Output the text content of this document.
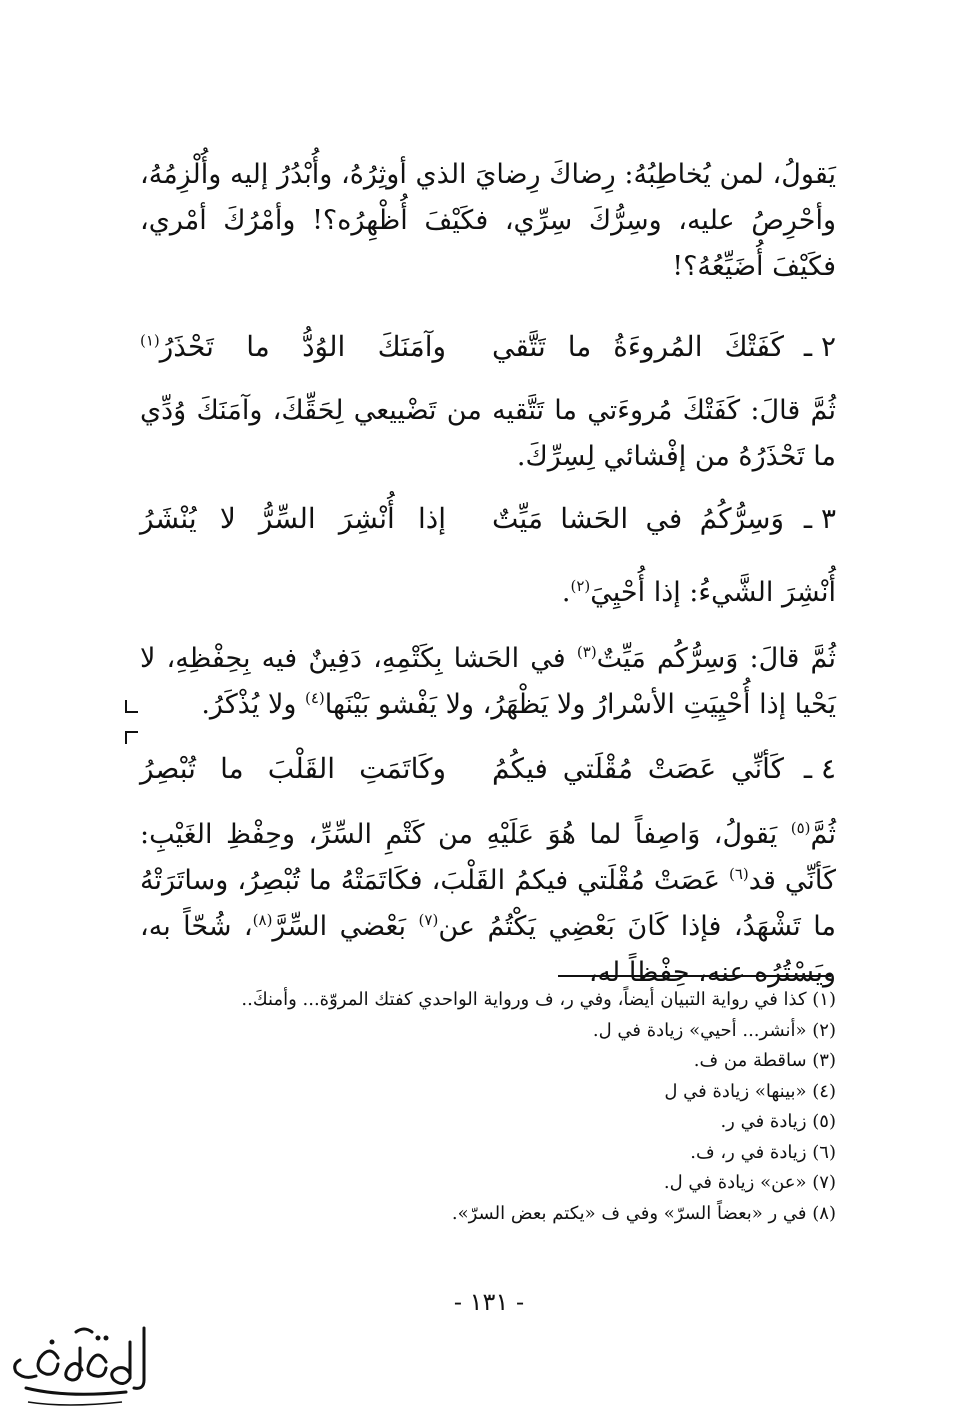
يَقولُ، لمن يُخاطِبُهُ: رِضاكَ رِضايَ الذي أوثِرُهُ، وأُبْدُرُ إليه وأُلْزِمُهُ، وأحْرِصُ عليه، وسِرُّكَ سِرِّي، فكَيْفَ أُظْهِرُه؟! وأمْرُكَ أمْري، فكَيْفَ أُضَيِّعُهُ؟!

٢ ـ
كَفَتْكَ المُروءَةُ ما تَتَّقي
وآمَنَكَ الوُدُّ ما تَحْذَرُ$^{(١)}$

ثُمَّ قالَ: كَفَتْكَ مُروءَتي ما تَتَّقيه من تَضْييعي لِحَقِّكَ، وآمَنَكَ وُدِّي ما تَحْذَرُهُ من إفْشائي لِسِرِّكَ.

٣ ـ
وَسِرُّكُمُ في الحَشا مَيِّتٌ
إذا أُنْشِرَ السِّرُّ لا يُنْشَرُ
أُنْشِرَ الشَّيءُ: إذا أُحْيِيَ$^{(٢)}$.

ثُمَّ قالَ: وَسِرُّكُم مَيِّتٌ$^{(٣)}$ في الحَشا بِكَتْمِهِ، دَفِينٌ فيه بِحِفْظِهِ، لا يَحْيا إذا أُحْيِيَتِ الأسْرارُ ولا يَظْهَرُ، ولا يَفْشو بَيْنَها$^{(٤)}$ ولا يُذْكَرُ.

٤ ـ
كَأنِّي عَصَتْ مُقْلَتي فيكُمُ
وكَاتَمَتِ القَلْبَ ما تُبْصِرُ

ثُمَّ$^{(٥)}$ يَقولُ، وَاصِفاً لما هُوَ عَلَيْهِ من كَتْمِ السِّرِّ، وحِفْظِ الغَيْبِ: كَأنِّي قد$^{(٦)}$ عَصَتْ مُقْلَتي فيكمُ القَلْبَ، فكَاتَمَتْهُ ما تُبْصِرُ، وساتَرَتْهُ ما تَشْهَدُ، فإذا كَانَ بَعْضِي يَكْتُمُ عن$^{(٧)}$ بَعْضي السِّرَّ$^{(٨)}$، شُحّاً به، ويَسْتُرُه عنه، حِفْظاً له،

(١) كذا في رواية التبيان أيضاً، وفي ر، ف ورواية الواحدي كفتك المروّة... وأمنكَ..
(٢) «أنشر... أحيي» زيادة في ل.
(٣) ساقطة من ف.
(٤) «بينها» زيادة في ل
(٥) زيادة في ر.
(٦) زيادة في ر، ف.
(٧) «عن» زيادة في ل.
(٨) في ر «بعضاً السرّ» وفي ف «يكتم بعض السرّ».
- ١٣١ -
